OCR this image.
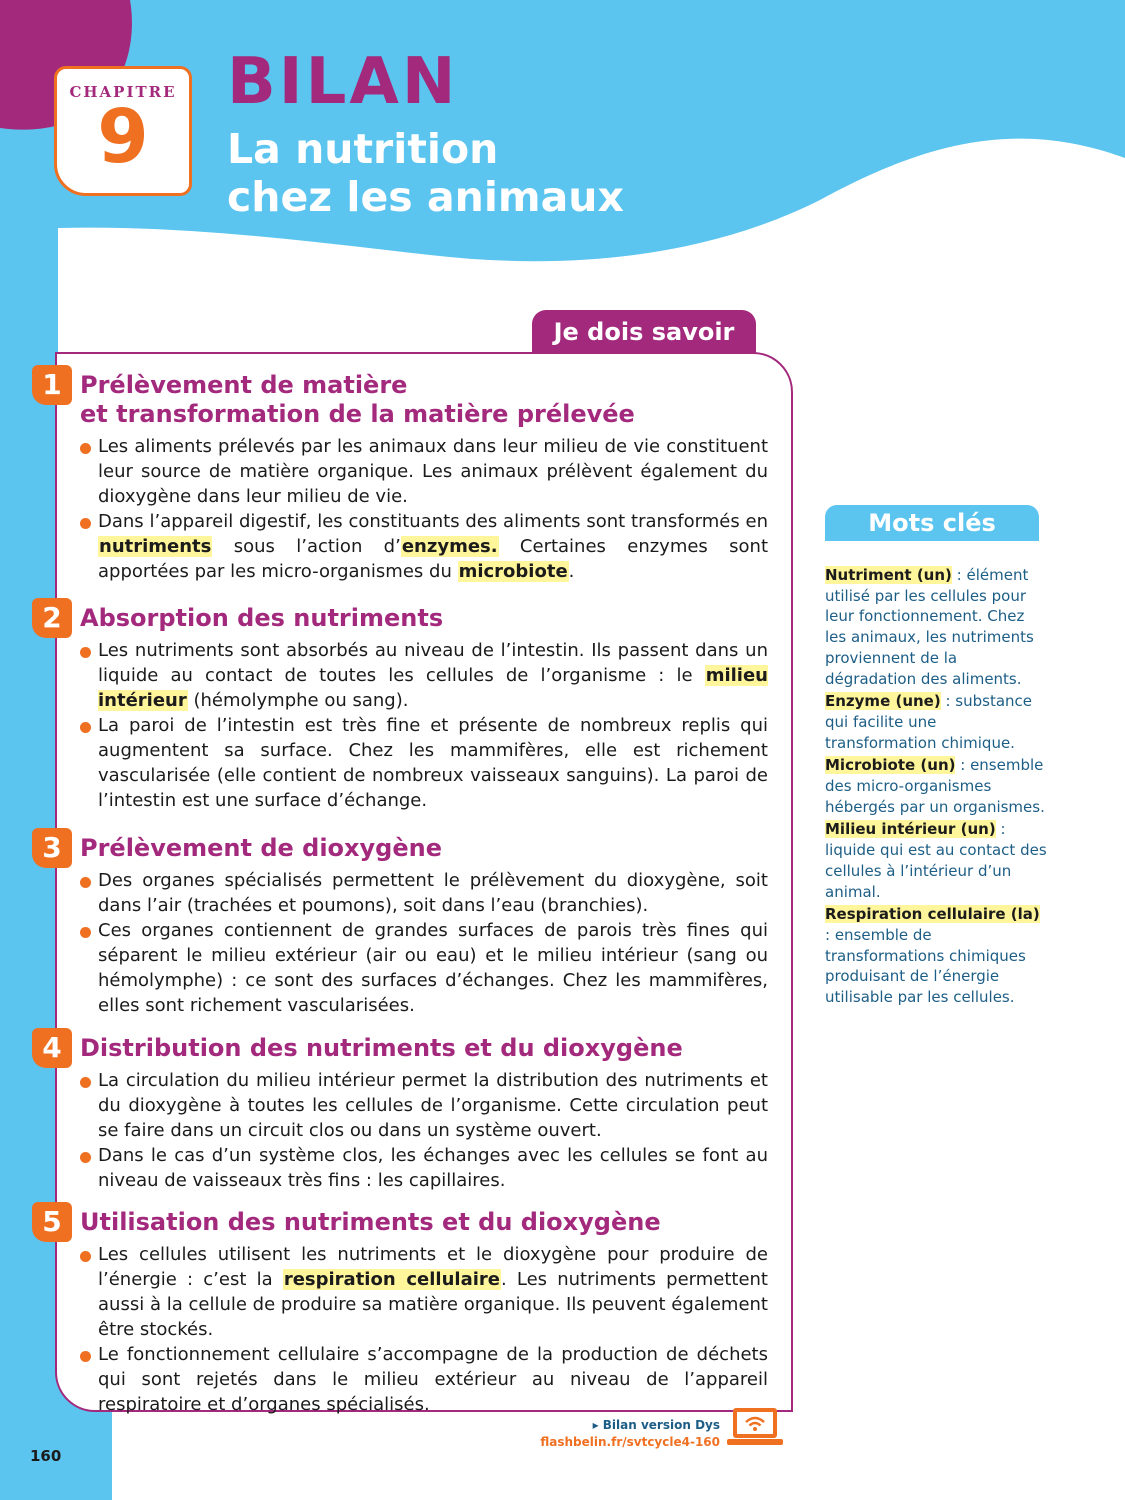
CHAPITRE
9
BILAN
La nutrition
chez les animaux
Je dois savoir
1 Prélèvement de matière
et transformation de la matière prélevée
Les aliments prélevés par les animaux dans leur milieu de vie constituent leur source de matière organique. Les animaux prélèvent également du dioxygène dans leur milieu de vie.
Dans l’appareil digestif, les constituants des aliments sont transformés en nutriments sous l’action d’enzymes. Certaines enzymes sont apportées par les micro-organismes du microbiote.
2 Absorption des nutriments
Les nutriments sont absorbés au niveau de l’intestin. Ils passent dans un liquide au contact de toutes les cellules de l’organisme : le milieu intérieur (hémolymphe ou sang).
La paroi de l’intestin est très fine et présente de nombreux replis qui augmentent sa surface. Chez les mammifères, elle est richement vascularisée (elle contient de nombreux vaisseaux sanguins). La paroi de l’intestin est une surface d’échange.
3 Prélèvement de dioxygène
Des organes spécialisés permettent le prélèvement du dioxygène, soit dans l’air (trachées et poumons), soit dans l’eau (branchies).
Ces organes contiennent de grandes surfaces de parois très fines qui séparent le milieu extérieur (air ou eau) et le milieu intérieur (sang ou hémolymphe) : ce sont des surfaces d’échanges. Chez les mammifères, elles sont richement vascularisées.
4 Distribution des nutriments et du dioxygène
La circulation du milieu intérieur permet la distribution des nutriments et du dioxygène à toutes les cellules de l’organisme. Cette circulation peut se faire dans un circuit clos ou dans un système ouvert.
Dans le cas d’un système clos, les échanges avec les cellules se font au niveau de vaisseaux très fins : les capillaires.
5 Utilisation des nutriments et du dioxygène
Les cellules utilisent les nutriments et le dioxygène pour produire de l’énergie : c’est la respiration cellulaire. Les nutriments permettent aussi à la cellule de produire sa matière organique. Ils peuvent également être stockés.
Le fonctionnement cellulaire s’accompagne de la production de déchets qui sont rejetés dans le milieu extérieur au niveau de l’appareil respiratoire et d’organes spécialisés.
Mots clés
Nutriment (un) : élément utilisé par les cellules pour leur fonctionnement. Chez les animaux, les nutriments proviennent de la dégradation des aliments.
Enzyme (une) : substance qui facilite une transformation chimique.
Microbiote (un) : ensemble des micro-organismes hébergés par un organismes.
Milieu intérieur (un) : liquide qui est au contact des cellules à l’intérieur d’un animal.
Respiration cellulaire (la) : ensemble de transformations chimiques produisant de l’énergie utilisable par les cellules.
▸ Bilan version Dys
flashbelin.fr/svtcycle4-160
160
